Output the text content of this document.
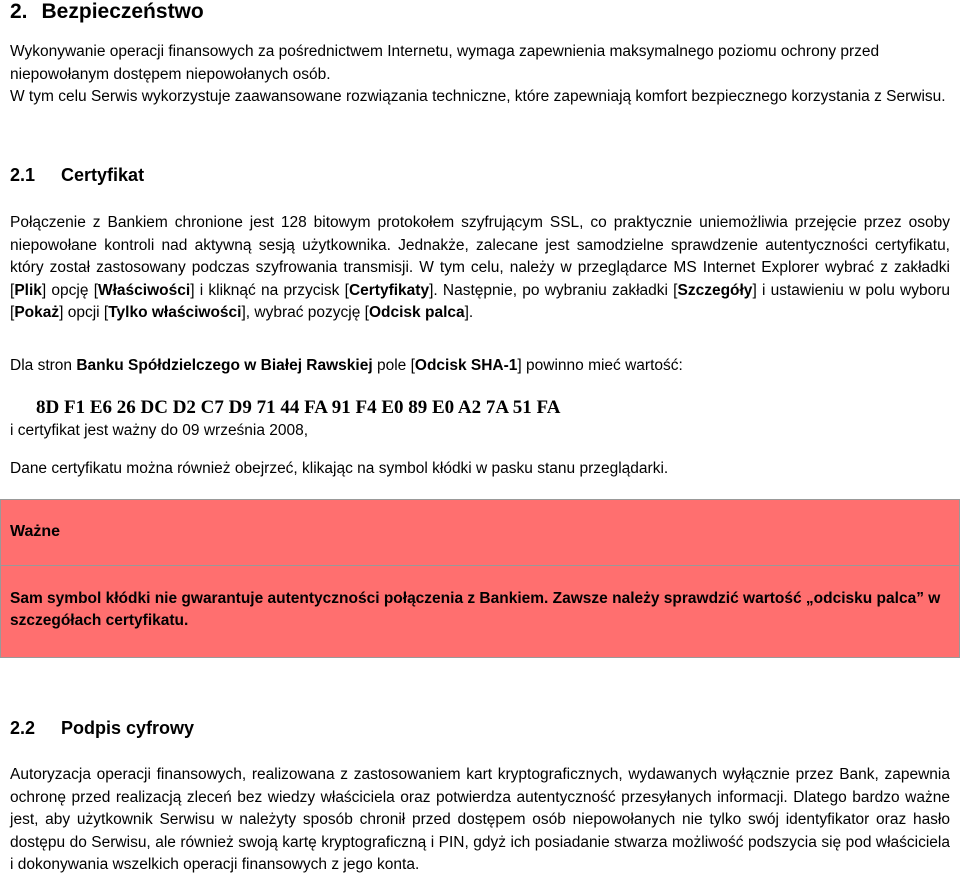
2. Bezpieczeństwo

Wykonywanie operacji finansowych za pośrednictwem Internetu, wymaga zapewnienia maksymalnego poziomu ochrony przed niepowołanym dostępem niepowołanych osób.

W tym celu Serwis wykorzystuje zaawansowane rozwiązania techniczne, które zapewniają komfort bezpiecznego korzystania z Serwisu.

2.1 Certyfikat

Połączenie z Bankiem chronione jest 128 bitowym protokołem szyfrującym SSL, co praktycznie uniemożliwia przejęcie przez osoby niepowołane kontroli nad aktywną sesją użytkownika. Jednakże, zalecane jest samodzielne sprawdzenie autentyczności certyfikatu, który został zastosowany podczas szyfrowania transmisji. W tym celu, należy w przeglądarce MS Internet Explorer wybrać z zakładki [Plik] opcję [Właściwości] i kliknąć na przycisk [Certyfikaty]. Następnie, po wybraniu zakładki [Szczegóły] i ustawieniu w polu wyboru [Pokaż] opcji [Tylko właściwości], wybrać pozycję [Odcisk palca].

Dla stron Banku Spółdzielczego w Białej Rawskiej pole [Odcisk SHA-1] powinno mieć wartość:

8D F1 E6 26 DC D2 C7 D9 71 44 FA 91 F4 E0 89 E0 A2 7A 51 FA

i certyfikat jest ważny do 09 września 2008,

Dane certyfikatu można również obejrzeć, klikając na symbol kłódki w pasku stanu przeglądarki.

Ważne
Sam symbol kłódki nie gwarantuje autentyczności połączenia z Bankiem. Zawsze należy sprawdzić wartość „odcisku palca” w szczegółach certyfikatu.
2.2 Podpis cyfrowy

Autoryzacja operacji finansowych, realizowana z zastosowaniem kart kryptograficznych, wydawanych wyłącznie przez Bank, zapewnia ochronę przed realizacją zleceń bez wiedzy właściciela oraz potwierdza autentyczność przesyłanych informacji. Dlatego bardzo ważne jest, aby użytkownik Serwisu w należyty sposób chronił przed dostępem osób niepowołanych nie tylko swój identyfikator oraz hasło dostępu do Serwisu, ale również swoją kartę kryptograficzną i PIN, gdyż ich posiadanie stwarza możliwość podszycia się pod właściciela i dokonywania wszelkich operacji finansowych z jego konta.
